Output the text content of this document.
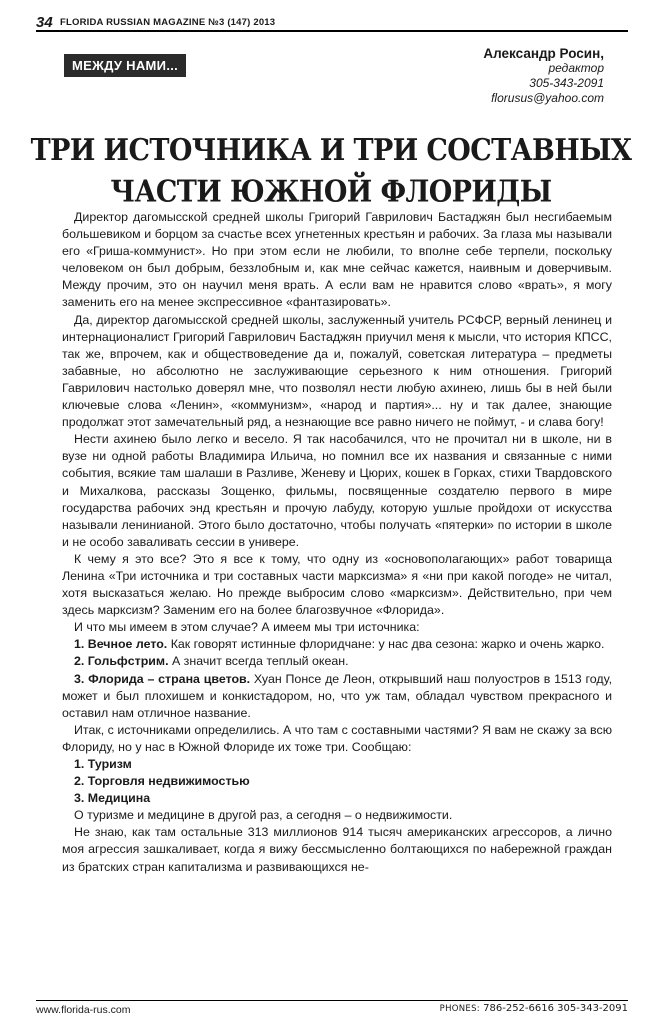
34 FLORIDA RUSSIAN MAGAZINE №3 (147) 2013
МЕЖДУ НАМИ...
Александр Росин,
редактор
305-343-2091
florusus@yahoo.com
ТРИ ИСТОЧНИКА И ТРИ СОСТАВНЫХ
ЧАСТИ ЮЖНОЙ ФЛОРИДЫ

Директор дагомысской средней школы Григорий Гаврилович Бастаджян был несгибаемым большевиком и борцом за счастье всех угнетенных крестьян и рабочих. За глаза мы называли его «Гриша-коммунист». Но при этом если не любили, то вполне себе терпели, поскольку человеком он был добрым, беззлобным и, как мне сейчас кажется, наивным и доверчивым. Между прочим, это он научил меня врать. А если вам не нравится слово «врать», я могу заменить его на менее экспрессивное «фантазировать».

Да, директор дагомысской средней школы, заслуженный учитель РСФСР, верный ленинец и интернационалист Григорий Гаврилович Бастаджян приучил меня к мысли, что история КПСС, так же, впрочем, как и обществоведение да и, пожалуй, советская литература – предметы забавные, но абсолютно не заслуживающие серьезного к ним отношения. Григорий Гаврилович настолько доверял мне, что позволял нести любую ахинею, лишь бы в ней были ключевые слова «Ленин», «коммунизм», «народ и партия»... ну и так далее, знающие продолжат этот замечательный ряд, а незнающие все равно ничего не поймут, - и слава богу!

Нести ахинею было легко и весело. Я так насобачился, что не прочитал ни в школе, ни в вузе ни одной работы Владимира Ильича, но помнил все их названия и связанные с ними события, всякие там шалаши в Разливе, Женеву и Цюрих, кошек в Горках, стихи Твардовского и Михалкова, рассказы Зощенко, фильмы, посвященные создателю первого в мире государства рабочих энд крестьян и прочую лабуду, которую ушлые пройдохи от искусства называли ленинианой. Этого было достаточно, чтобы получать «пятерки» по истории в школе и не особо заваливать сессии в универе.

К чему я это все? Это я все к тому, что одну из «основополагающих» работ товарища Ленина «Три источника и три составных части марксизма» я «ни при какой погоде» не читал, хотя высказаться желаю. Но прежде выбросим слово «марксизм». Действительно, при чем здесь марксизм? Заменим его на более благозвучное «Флорида».

И что мы имеем в этом случае? А имеем мы три источника:

1. Вечное лето. Как говорят истинные флоридчане: у нас два сезона: жарко и очень жарко.

2. Гольфстрим. А значит всегда теплый океан.

3. Флорида – страна цветов. Хуан Понсе де Леон, открывший наш полуостров в 1513 году, может и был плохишем и конкистадором, но, что уж там, обладал чувством прекрасного и оставил нам отличное название.

Итак, с источниками определились. А что там с составными частями? Я вам не скажу за всю Флориду, но у нас в Южной Флориде их тоже три. Сообщаю:

1. Туризм

2. Торговля недвижимостью

3. Медицина

О туризме и медицине в другой раз, а сегодня – о недвижимости.

Не знаю, как там остальные 313 миллионов 914 тысяч американских агрессоров, а лично моя агрессия зашкаливает, когда я вижу бессмысленно болтающихся по набережной граждан из братских стран капитализма и развивающихся не-

www.florida-rus.com	PHONES: 786-252-6616 305-343-2091
